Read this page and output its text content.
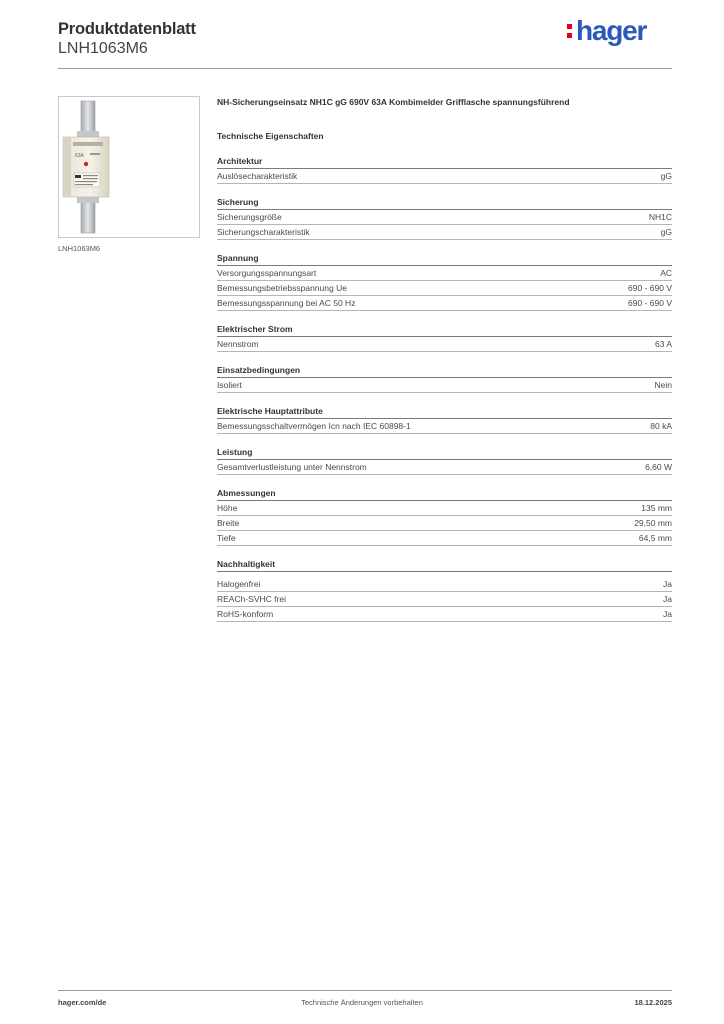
Produktdatenblatt
LNH1063M6
hager
63A
LNH1063M6
NH-Sicherungseinsatz NH1C gG 690V 63A Kombimelder Grifflasche spannungsführend
Technische Eigenschaften
Architektur
Auslösecharakteristik	gG
Sicherung
Sicherungsgröße	NH1C
Sicherungscharakteristik	gG
Spannung
Versorgungsspannungsart	AC
Bemessungsbetriebsspannung Ue	690 - 690 V
Bemessungsspannung bei AC 50 Hz	690 - 690 V
Elektrischer Strom
Nennstrom	63 A
Einsatzbedingungen
Isoliert	Nein
Elektrische Hauptattribute
Bemessungsschaltvermögen Icn nach IEC 60898-1	80 kA
Leistung
Gesamtverlustleistung unter Nennstrom	6,60 W
Abmessungen
Höhe	135 mm
Breite	29,50 mm
Tiefe	64,5 mm
Nachhaltigkeit
Halogenfrei	Ja
REACh-SVHC frei	Ja
RoHS-konform	Ja
hager.com/de	Technische Änderungen vorbehalten	18.12.2025
